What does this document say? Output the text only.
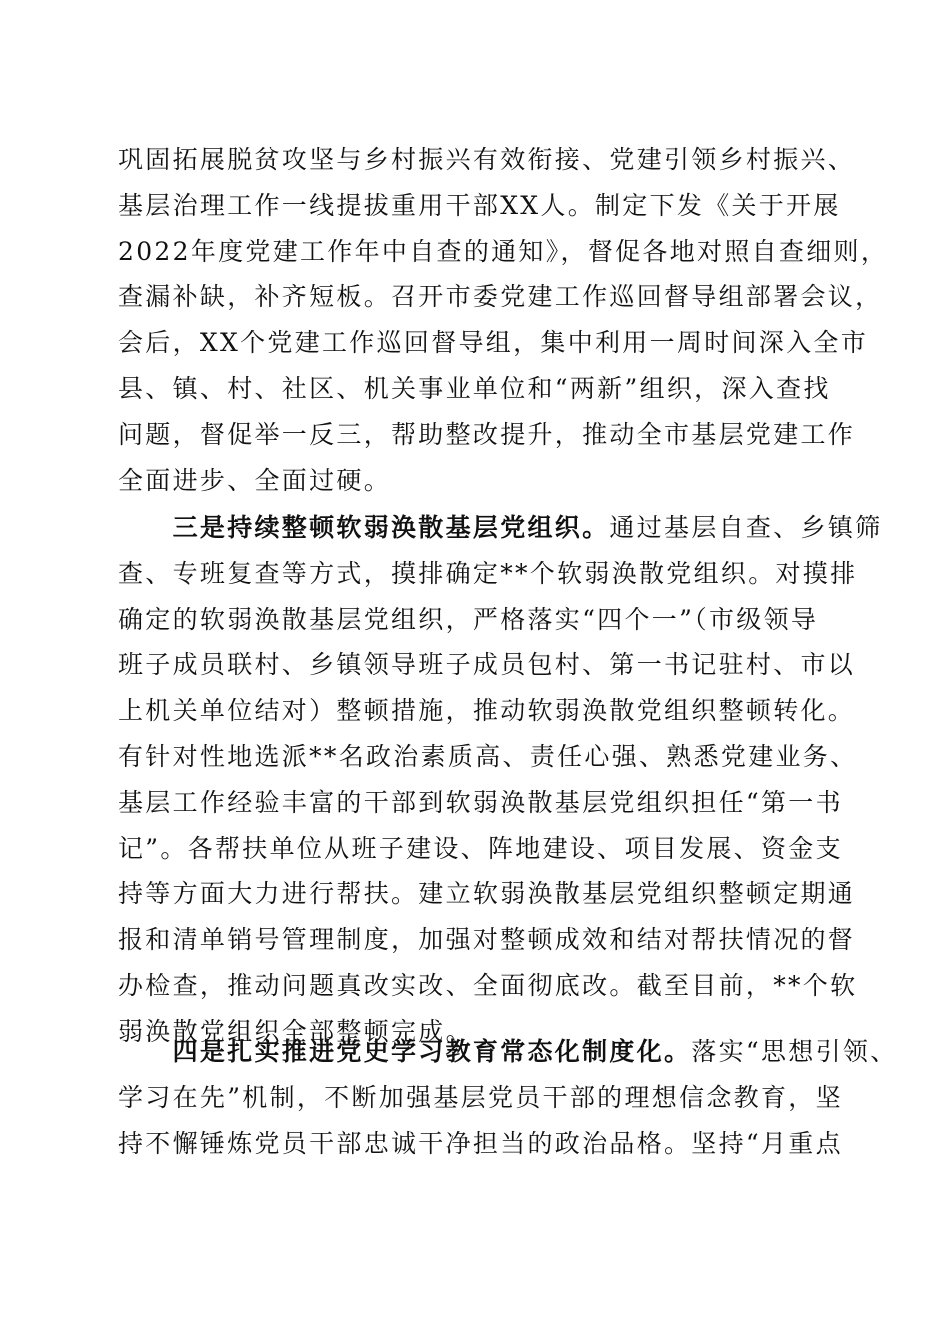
巩固拓展脱贫攻坚与乡村振兴有效衔接、党建引领乡村振兴、
基层治理工作一线提拔重用干部XX人。制定下发《关于开展
2022年度党建工作年中自查的通知》，督促各地对照自查细则，
查漏补缺，补齐短板。召开市委党建工作巡回督导组部署会议，
会后，XX个党建工作巡回督导组，集中利用一周时间深入全市
县、镇、村、社区、机关事业单位和“两新”组织，深入查找
问题，督促举一反三，帮助整改提升，推动全市基层党建工作
全面进步、全面过硬。
　　三是持续整顿软弱涣散基层党组织。通过基层自查、乡镇筛
查、专班复查等方式，摸排确定**个软弱涣散党组织。对摸排
确定的软弱涣散基层党组织，严格落实“四个一”（市级领导
班子成员联村、乡镇领导班子成员包村、第一书记驻村、市以
上机关单位结对）整顿措施，推动软弱涣散党组织整顿转化。
有针对性地选派**名政治素质高、责任心强、熟悉党建业务、
基层工作经验丰富的干部到软弱涣散基层党组织担任“第一书
记”。各帮扶单位从班子建设、阵地建设、项目发展、资金支
持等方面大力进行帮扶。建立软弱涣散基层党组织整顿定期通
报和清单销号管理制度，加强对整顿成效和结对帮扶情况的督
办检查，推动问题真改实改、全面彻底改。截至目前，**个软
弱涣散党组织全部整顿完成。
　　四是扎实推进党史学习教育常态化制度化。落实“思想引领、
学习在先”机制，不断加强基层党员干部的理想信念教育，坚
持不懈锤炼党员干部忠诚干净担当的政治品格。坚持“月重点
